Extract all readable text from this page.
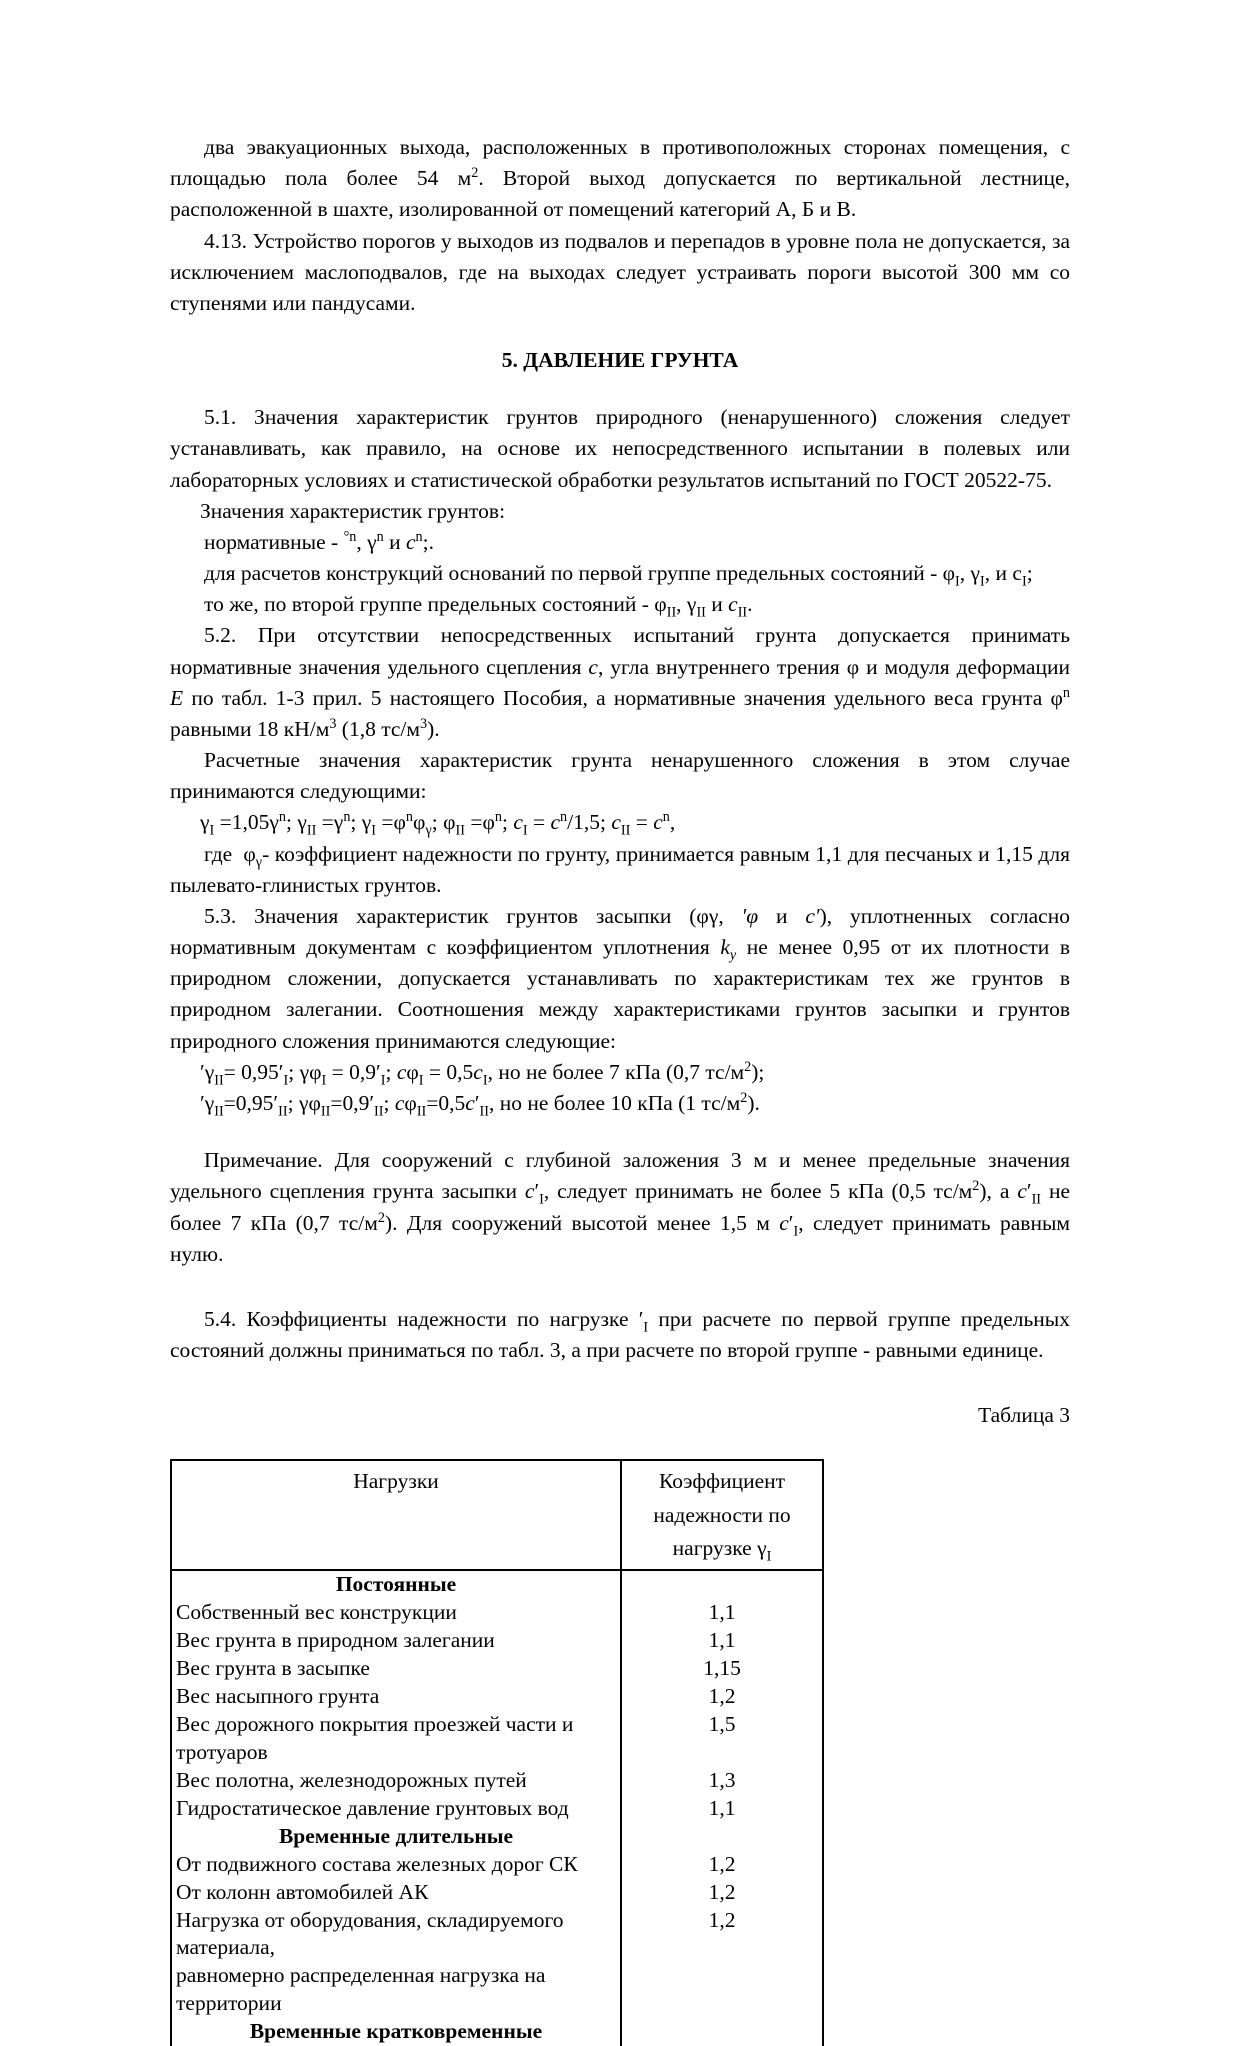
два эвакуационных выхода, расположенных в противоположных сторонах помещения, с площадью пола более 54 $м^2$. Второй выход допускается по вертикальной лестнице, расположенной в шахте, изолированной от помещений категорий А, Б и В.

4.13. Устройство порогов у выходов из подвалов и перепадов в уровне пола не допускается, за исключением маслоподвалов, где на выходах следует устраивать пороги высотой 300 мм со ступенями или пандусами.

5. ДАВЛЕНИЕ ГРУНТА

5.1. Значения характеристик грунтов природного (ненарушенного) сложения следует устанавливать, как правило, на основе их непосредственного испытании в полевых или лабораторных условиях и статистической обработки результатов испытаний по ГОСТ 20522-75.

Значения характеристик грунтов:

нормативные - $^{^\circ n}$, $\gamma^n$ и $c^n$;.

для расчетов конструкций оснований по первой группе предельных состояний - $\varphi_I$, $\gamma_I$, и $c_I$;

то же, по второй группе предельных состояний - $\varphi_{II}$, $\gamma_{II}$ и $c_{II}$.

5.2. При отсутствии непосредственных испытаний грунта допускается принимать нормативные значения удельного сцепления c, угла внутреннего трения φ и модуля деформации E по табл. 1-3 прил. 5 настоящего Пособия, а нормативные значения удельного веса грунта $\varphi^n$ равными 18 $кН/м^3$ (1,8 $тс/м^3$).

Расчетные значения характеристик грунта ненарушенного сложения в этом случае принимаются следующими:

$\gamma_I =1,05\gamma^n$; $\gamma_{II} =\gamma^n$; $\gamma_I =\varphi^n\varphi_\gamma$; $\varphi_{II} =\varphi^n$; $c_I = c^n/1,5$; $c_{II} = c^n$,

где  $\varphi_\gamma-$ коэффициент надежности по грунту, принимается равным 1,1 для песчаных и 1,15 для пылевато-глинистых грунтов.

5.3. Значения характеристик грунтов засыпки (φγ, ′φ и c′), уплотненных согласно нормативным документам с коэффициентом уплотнения $k_y$ не менее 0,95 от их плотности в природном сложении, допускается устанавливать по характеристикам тех же грунтов в природном залегании. Соотношения между характеристиками грунтов засыпки и грунтов природного сложения принимаются следующие:

$'\gamma_{II}= 0,95'_I$; $\gamma\varphi_I = 0,9'_I$; $c\varphi_I = 0,5c_I$, но не более 7 кПа (0,7 $тс/м^2$);

$'\gamma_{II}=0,95'_{II}$; $\gamma\varphi_{II}=0,9'_{II}$; $c\varphi_{II}=0,5c'_{II}$, но не более 10 кПа (1 $тс/м^2$).

Примечание. Для сооружений с глубиной заложения 3 м и менее предельные значения удельного сцепления грунта засыпки $c'_I$, следует принимать не более 5 кПа (0,5 $тс/м^2$), а $c'_{II}$ не более 7 кПа (0,7 $тс/м^2$). Для сооружений высотой менее 1,5 м $c'_I$, следует принимать равным нулю.

5.4. Коэффициенты надежности по нагрузке $'_I$ при расчете по первой группе предельных состояний должны приниматься по табл. 3, а при расчете по второй группе - равными единице.

Таблица 3

Нагрузки	Коэффициент
надежности по
нагрузке $\gamma_I$
Постоянные	
Собственный вес конструкции	1,1
Вес грунта в природном залегании	1,1
Вес грунта в засыпке	1,15
Вес насыпного грунта	1,2
Вес дорожного покрытия проезжей части и тротуаров	1,5
Вес полотна, железнодорожных путей	1,3
Гидростатическое давление грунтовых вод	1,1
Временные длительные	
От подвижного состава железных дорог СК	1,2
От колонн автомобилей АК	1,2
Нагрузка от оборудования, складируемого материала,	1,2
равномерно распределенная нагрузка на территории	
Временные кратковременные	
